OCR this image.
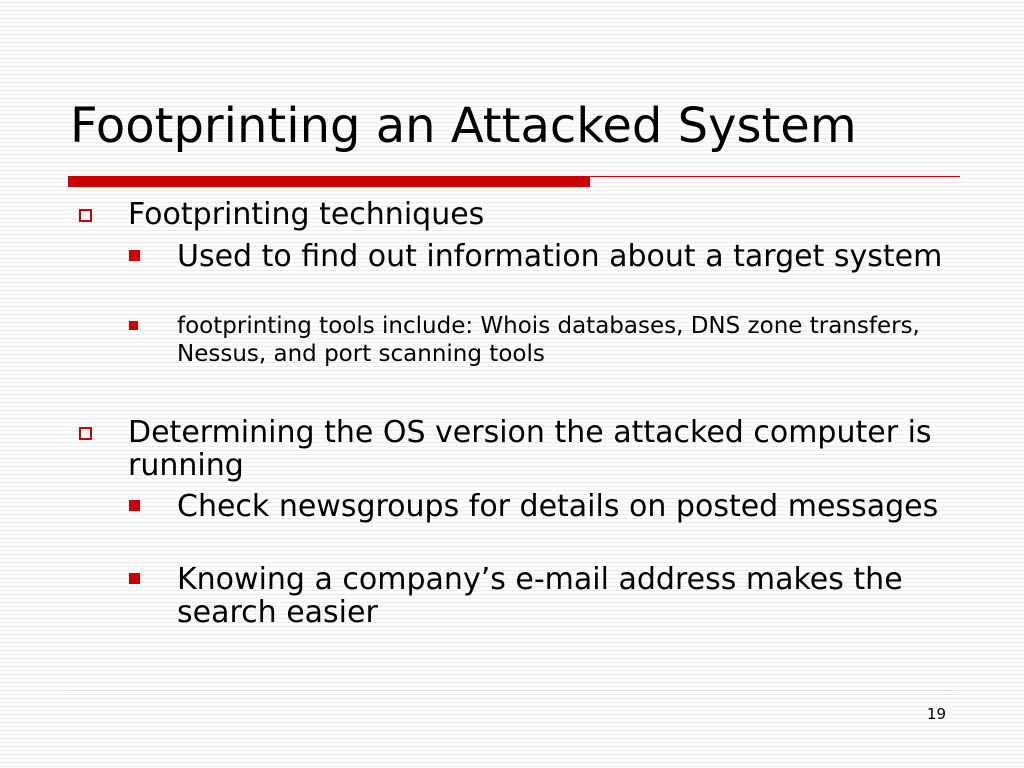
Footprinting an Attacked System
Footprinting techniques
Used to find out information about a target system
footprinting tools include: Whois databases, DNS zone transfers, Nessus, and port scanning tools
Determining the OS version the attacked computer is running
Check newsgroups for details on posted messages
Knowing a company’s e-mail address makes the search easier
19
